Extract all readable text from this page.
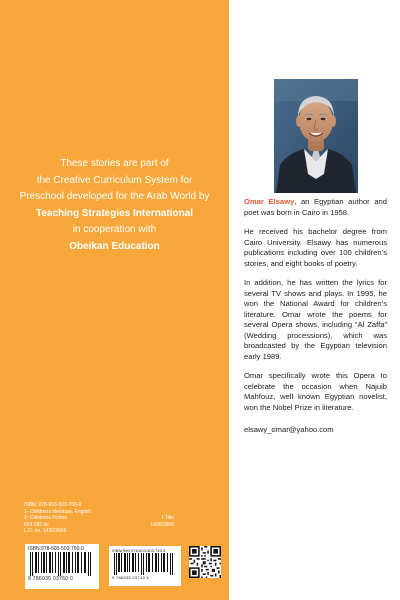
These stories are part of
the Creative Curriculum System for
Preschool developed for the Arab World by
Teaching Strategies International
in cooperation with
Obeikan Education
ISBN: 978-603-503-760-0
1- Childrens literature, English
2- Childrens Fiction	I-Title
823.092 dc	1436/3666
L.D. no. 1436/3666
ISBN:978-603-503-760-0
9 786035 03760 0
ISBN(Set):978-603-503-749-5
9 786035 03749 5

Omar Elsawy, an Egyptian author and poet was born in Cairo in 1958.

He received his bachelor degree from Cairo University. Elsawy has numerous publications including over 100 children’s stories, and eight books of poetry.

In addition, he has written the lyrics for several TV shows and plays. In 1995, he won the National Award for children’s literature. Omar wrote the poems for several Opera shows, including “Al Zaffa” (Wedding processions), which was broadcasted by the Egyptian television early 1989.

Omar specifically wrote this Opera to celebrate the occasion when Najuib Mahfouz, well known Egyptian novelist, won the Nobel Prize in literature.

elsawy_omar@yahoo.com
